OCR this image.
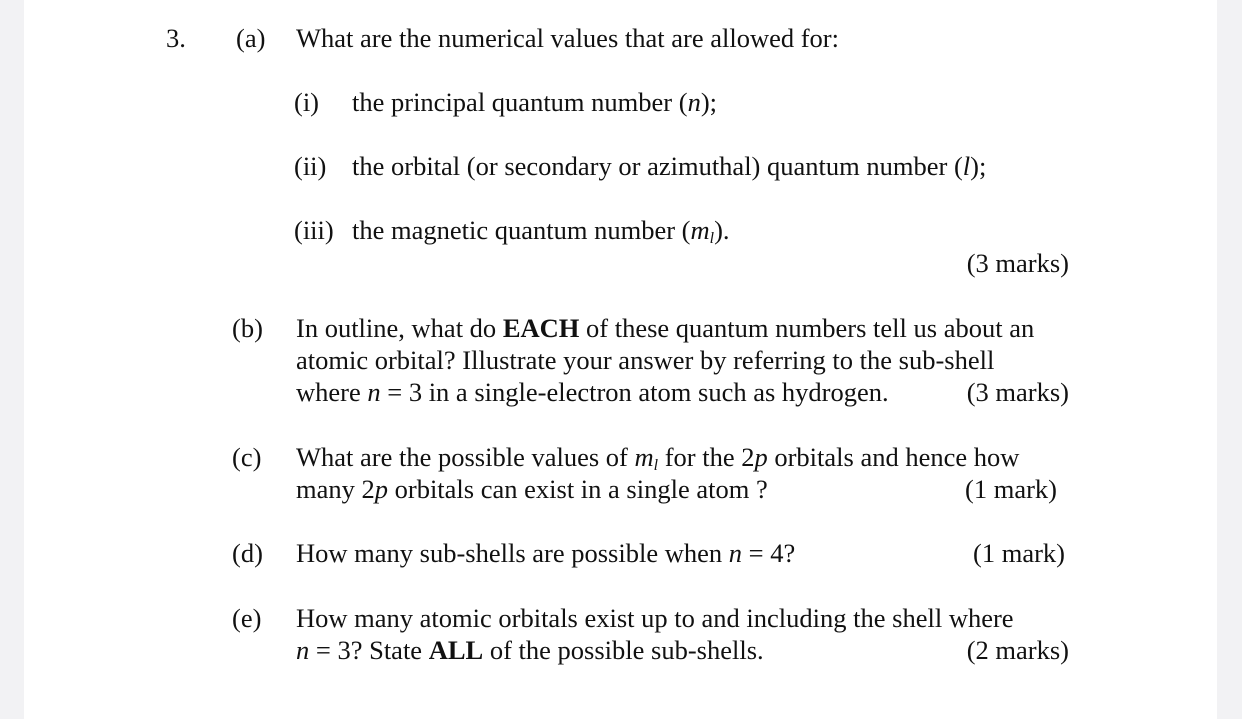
3. (a) What are the numerical values that are allowed for:
(i) the principal quantum number (n);
(ii) the orbital (or secondary or azimuthal) quantum number (l);
(iii) the magnetic quantum number $(m_l)$.
(3 marks)
(b) In outline, what do EACH of these quantum numbers tell us about an
atomic orbital? Illustrate your answer by referring to the sub-shell
where n = 3 in a single-electron atom such as hydrogen.	(3 marks)
(c) What are the possible values of $m_l$ for the 2p orbitals and hence how
many 2p orbitals can exist in a single atom ?	(1 mark)
(d) How many sub-shells are possible when n = 4?	(1 mark)
(e) How many atomic orbitals exist up to and including the shell where
n = 3? State ALL of the possible sub-shells.	(2 marks)
